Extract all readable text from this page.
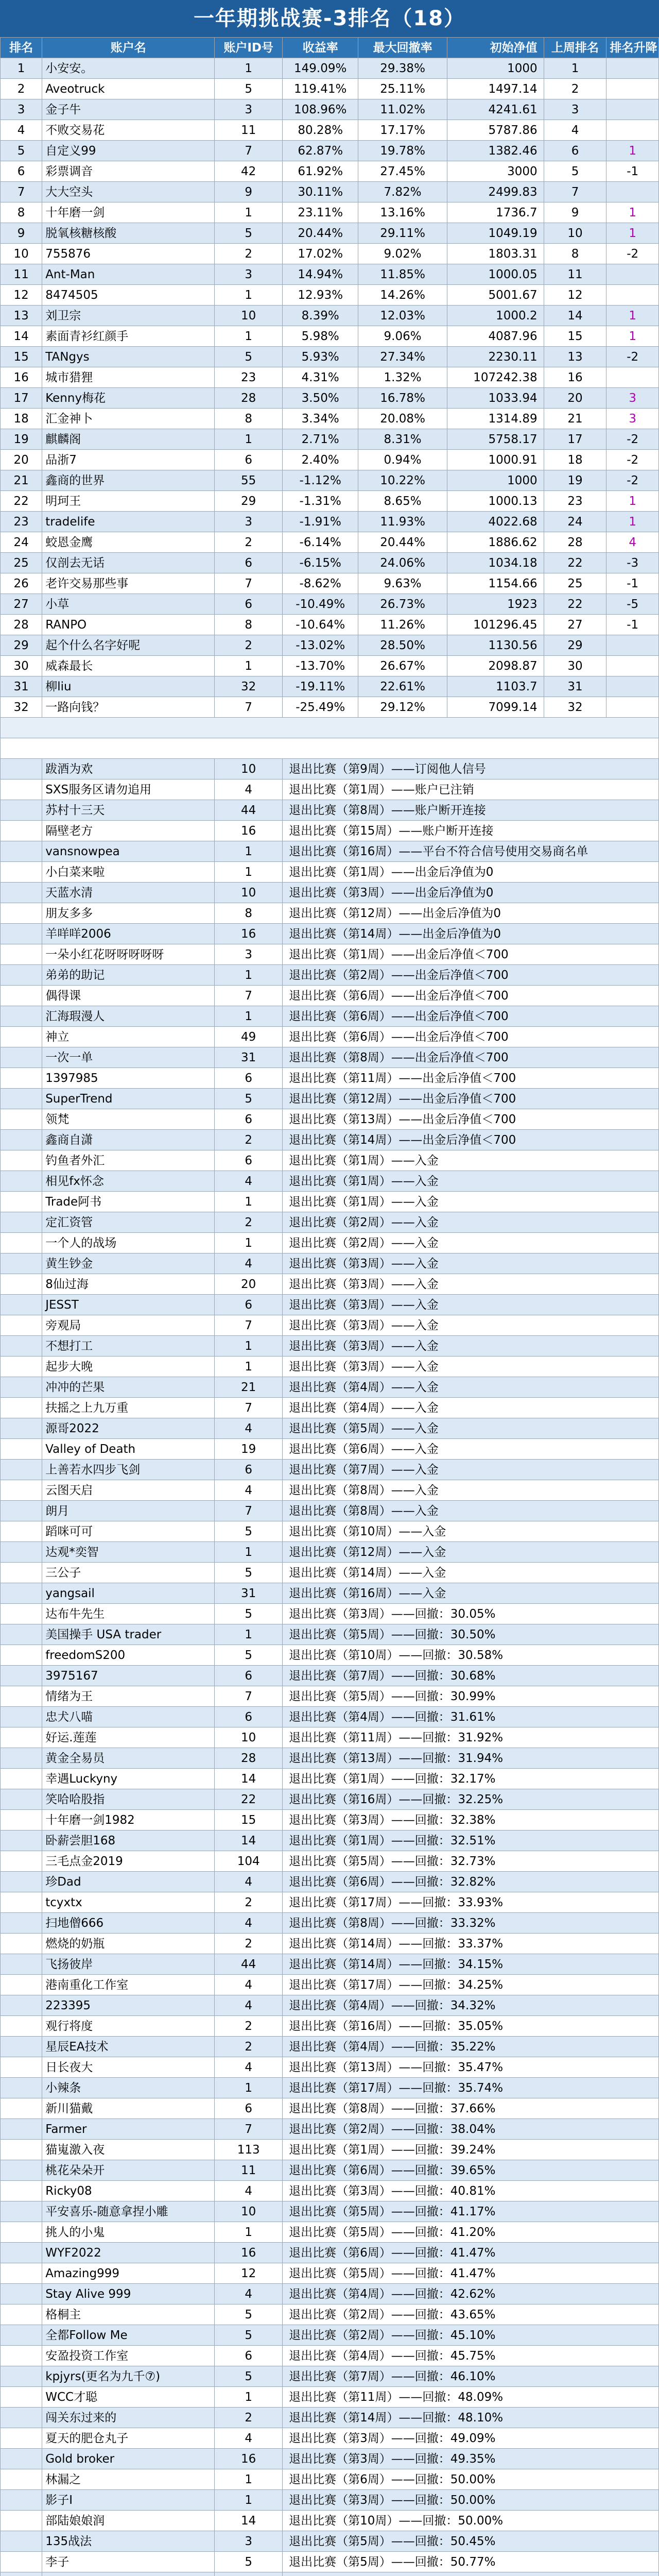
一年期挑战赛-3排名（18）
排名	账户名	账户ID号	收益率	最大回撤率	初始净值	上周排名	排名升降
1	小安安。	1	149.09%	29.38%	1000	1	
2	Aveotruck	5	119.41%	25.11%	1497.14	2	
3	金子牛	3	108.96%	11.02%	4241.61	3	
4	不败交易花	11	80.28%	17.17%	5787.86	4	
5	自定义99	7	62.87%	19.78%	1382.46	6	1
6	彩票调音	42	61.92%	27.45%	3000	5	-1
7	大大空头	9	30.11%	7.82%	2499.83	7	
8	十年磨一剑	1	23.11%	13.16%	1736.7	9	1
9	脱氧核糖核酸	5	20.44%	29.11%	1049.19	10	1
10	755876	2	17.02%	9.02%	1803.31	8	-2
11	Ant-Man	3	14.94%	11.85%	1000.05	11	
12	8474505	1	12.93%	14.26%	5001.67	12	
13	刘卫宗	10	8.39%	12.03%	1000.2	14	1
14	素面青衫红颜手	1	5.98%	9.06%	4087.96	15	1
15	TANgys	5	5.93%	27.34%	2230.11	13	-2
16	城市猎狸	23	4.31%	1.32%	107242.38	16	
17	Kenny梅花	28	3.50%	16.78%	1033.94	20	3
18	汇金神卜	8	3.34%	20.08%	1314.89	21	3
19	麒麟阁	1	2.71%	8.31%	5758.17	17	-2
20	品浙7	6	2.40%	0.94%	1000.91	18	-2
21	鑫商的世界	55	-1.12%	10.22%	1000	19	-2
22	明珂王	29	-1.31%	8.65%	1000.13	23	1
23	tradelife	3	-1.91%	11.93%	4022.68	24	1
24	蛟恩金鹰	2	-6.14%	20.44%	1886.62	28	4
25	仅剖去无话	6	-6.15%	24.06%	1034.18	22	-3
26	老许交易那些事	7	-8.62%	9.63%	1154.66	25	-1
27	小草	6	-10.49%	26.73%	1923	22	-5
28	RANPO	8	-10.64%	11.26%	101296.45	27	-1
29	起个什么名字好呢	2	-13.02%	28.50%	1130.56	29	
30	威森最长	1	-13.70%	26.67%	2098.87	30	
31	柳liu	32	-19.11%	22.61%	1103.7	31	
32	一路向钱？	7	-25.49%	29.12%	7099.14	32	

	跋酒为欢	10	退出比赛（第9周）——订阅他人信号				
	SXS服务区请勿追用	4	退出比赛（第1周）——账户已注销				
	苏村十三天	44	退出比赛（第8周）——账户断开连接				
	隔壁老方	16	退出比赛（第15周）——账户断开连接				
	vansnowpea	1	退出比赛（第16周）——平台不符合信号使用交易商名单				
	小白菜来啦	1	退出比赛（第1周）——出金后净值为0				
	天蓝水清	10	退出比赛（第3周）——出金后净值为0				
	朋友多多	8	退出比赛（第12周）——出金后净值为0				
	羊咩咩2006	16	退出比赛（第14周）——出金后净值为0				
	一朵小红花呀呀呀呀呀	3	退出比赛（第1周）——出金后净值＜700				
	弟弟的助记	1	退出比赛（第2周）——出金后净值＜700				
	偶得课	7	退出比赛（第6周）——出金后净值＜700				
	汇海瑕漫人	1	退出比赛（第6周）——出金后净值＜700				
	神立	49	退出比赛（第6周）——出金后净值＜700				
	一次一单	31	退出比赛（第8周）——出金后净值＜700				
	1397985	6	退出比赛（第11周）——出金后净值＜700				
	SuperTrend	5	退出比赛（第12周）——出金后净值＜700				
	领梵	6	退出比赛（第13周）——出金后净值＜700				
	鑫商自潇	2	退出比赛（第14周）——出金后净值＜700				
	钓鱼者外汇	6	退出比赛（第1周）——入金				
	相见fx怀念	4	退出比赛（第1周）——入金				
	Trade阿书	1	退出比赛（第1周）——入金				
	定汇资管	2	退出比赛（第2周）——入金				
	一个人的战场	1	退出比赛（第2周）——入金				
	黄生钞金	4	退出比赛（第3周）——入金				
	8仙过海	20	退出比赛（第3周）——入金				
	JESST	6	退出比赛（第3周）——入金				
	旁观局	7	退出比赛（第3周）——入金				
	不想打工	1	退出比赛（第3周）——入金				
	起步大晚	1	退出比赛（第3周）——入金				
	冲冲的芒果	21	退出比赛（第4周）——入金				
	扶摇之上九万重	7	退出比赛（第4周）——入金				
	源哥2022	4	退出比赛（第5周）——入金				
	Valley of Death	19	退出比赛（第6周）——入金				
	上善若水四步飞剑	6	退出比赛（第7周）——入金				
	云图天启	4	退出比赛（第8周）——入金				
	朗月	7	退出比赛（第8周）——入金				
	蹈咪可可	5	退出比赛（第10周）——入金				
	达观*奕智	1	退出比赛（第12周）——入金				
	三公子	5	退出比赛（第14周）——入金				
	yangsail	31	退出比赛（第16周）——入金				
	达布牛先生	5	退出比赛（第3周）——回撤：30.05%				
	美国操手 USA trader	1	退出比赛（第5周）——回撤：30.50%				
	freedomS200	5	退出比赛（第10周）——回撤：30.58%				
	3975167	6	退出比赛（第7周）——回撤：30.68%				
	情绪为王	7	退出比赛（第5周）——回撤：30.99%				
	忠犬八喵	6	退出比赛（第4周）——回撤：31.61%				
	好运.莲莲	10	退出比赛（第11周）——回撤：31.92%				
	黄金全易员	28	退出比赛（第13周）——回撤：31.94%				
	幸遇Luckyny	14	退出比赛（第1周）——回撤：32.17%				
	笑哈哈股指	22	退出比赛（第16周）——回撤：32.25%				
	十年磨一剑1982	15	退出比赛（第3周）——回撤：32.38%				
	卧薪尝胆168	14	退出比赛（第1周）——回撤：32.51%				
	三毛点金2019	104	退出比赛（第5周）——回撤：32.73%				
	珍Dad	4	退出比赛（第6周）——回撤：32.82%				
	tcyxtx	2	退出比赛（第17周）——回撤：33.93%				
	扫地僧666	4	退出比赛（第8周）——回撤：33.32%				
	燃烧的奶瓶	2	退出比赛（第14周）——回撤：33.37%				
	飞扬彼岸	44	退出比赛（第14周）——回撤：34.15%				
	港南重化工作室	4	退出比赛（第17周）——回撤：34.25%				
	223395	4	退出比赛（第4周）——回撤：34.32%				
	观行将度	2	退出比赛（第16周）——回撤：35.05%				
	星辰EA技术	2	退出比赛（第4周）——回撤：35.22%				
	日长夜大	4	退出比赛（第13周）——回撤：35.47%				
	小辣条	1	退出比赛（第17周）——回撤：35.74%				
	新川猫戴	6	退出比赛（第8周）——回撤：37.66%				
	Farmer	7	退出比赛（第2周）——回撤：38.04%				
	猫嵬激入夜	113	退出比赛（第1周）——回撤：39.24%				
	桃花朵朵开	11	退出比赛（第6周）——回撤：39.65%				
	Ricky08	4	退出比赛（第3周）——回撤：40.81%				
	平安喜乐-随意拿捏小雕	10	退出比赛（第5周）——回撤：41.17%				
	挑人的小鬼	1	退出比赛（第5周）——回撤：41.20%				
	WYF2022	16	退出比赛（第6周）——回撤：41.47%				
	Amazing999	12	退出比赛（第5周）——回撤：41.47%				
	Stay Alive 999	4	退出比赛（第4周）——回撤：42.62%				
	格桐主	5	退出比赛（第2周）——回撤：43.65%				
	全都Follow Me	5	退出比赛（第2周）——回撤：45.10%				
	安盈投资工作室	6	退出比赛（第4周）——回撤：45.75%				
	kpjyrs(更名为九千⑦)	5	退出比赛（第7周）——回撤：46.10%				
	WCC才聪	1	退出比赛（第11周）——回撤：48.09%				
	闯关东过来的	2	退出比赛（第14周）——回撤：48.10%				
	夏天的肥仓丸子	4	退出比赛（第3周）——回撤：49.09%				
	Gold broker	16	退出比赛（第3周）——回撤：49.35%				
	林漏之	1	退出比赛（第6周）——回撤：50.00%				
	影子I	1	退出比赛（第3周）——回撤：50.00%				
	部陆娘娘润	14	退出比赛（第10周）——回撤：50.00%				
	135战法	3	退出比赛（第5周）——回撤：50.45%				
	李子	5	退出比赛（第5周）——回撤：50.77%				
